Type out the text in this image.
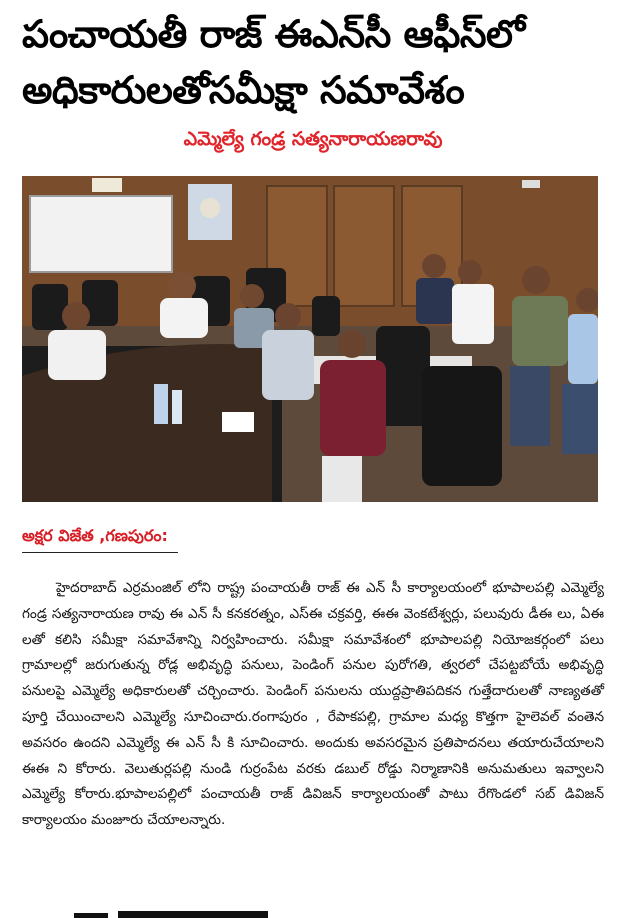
పంచాయతీ రాజ్ ఈఎన్‌సీ ఆఫీస్‌లో అధికారులతోసమీక్షా సమావేశం
ఎమ్మెల్యే గండ్ర సత్యనారాయణరావు
అక్షర విజేత ,గణపురం:

హైదరాబాద్ ఎర్రమంజిల్ లోని రాష్ట్ర పంచాయతీ రాజ్ ఈ ఎన్ సీ కార్యాలయంలో భూపాలపల్లి ఎమ్మెల్యే గండ్ర సత్యనారాయణ రావు ఈ ఎన్ సీ కనకరత్నం, ఎస్ఈ చక్రవర్తి, ఈఈ వెంకటేశ్వర్లు, పలువురు డీఈ లు, ఏఈ లతో కలిసి సమీక్షా సమావేశాన్ని నిర్వహించారు. సమీక్షా సమావేశంలో భూపాలపల్లి నియోజకర్గంలో పలు గ్రామాలల్లో జరుగుతున్న రోడ్ల అభివృద్ధి పనులు, పెండింగ్ పనుల పురోగతి, త్వరలో చేపట్టబోయే అభివృద్ధి పనులపై ఎమ్మెల్యే అధికారులతో చర్చించారు. పెండింగ్ పనులను యుద్దప్రాతిపదికన గుత్తేదారులతో నాణ్యతతో పూర్తి చేయించాలని ఎమ్మెల్యే సూచించారు.రంగాపురం , రేపాకపల్లి, గ్రామాల మధ్య కొత్తగా హైలెవల్ వంతెన అవసరం ఉందని ఎమ్మెల్యే ఈ ఎన్ సీ కి సూచించారు. అందుకు అవసరమైన ప్రతిపాదనలు తయారుచేయాలని ఈఈ ని కోరారు. వెలుతుర్లపల్లి నుండి గుర్రంపేట వరకు డబుల్ రోడ్డు నిర్మాణానికి అనుమతులు ఇవ్వాలని ఎమ్మెల్యే కోరారు.భూపాలపల్లిలో పంచాయతీ రాజ్ డివిజన్ కార్యాలయంతో పాటు రేగొండలో సబ్ డివిజన్ కార్యాలయం మంజూరు చేయాలన్నారు.
